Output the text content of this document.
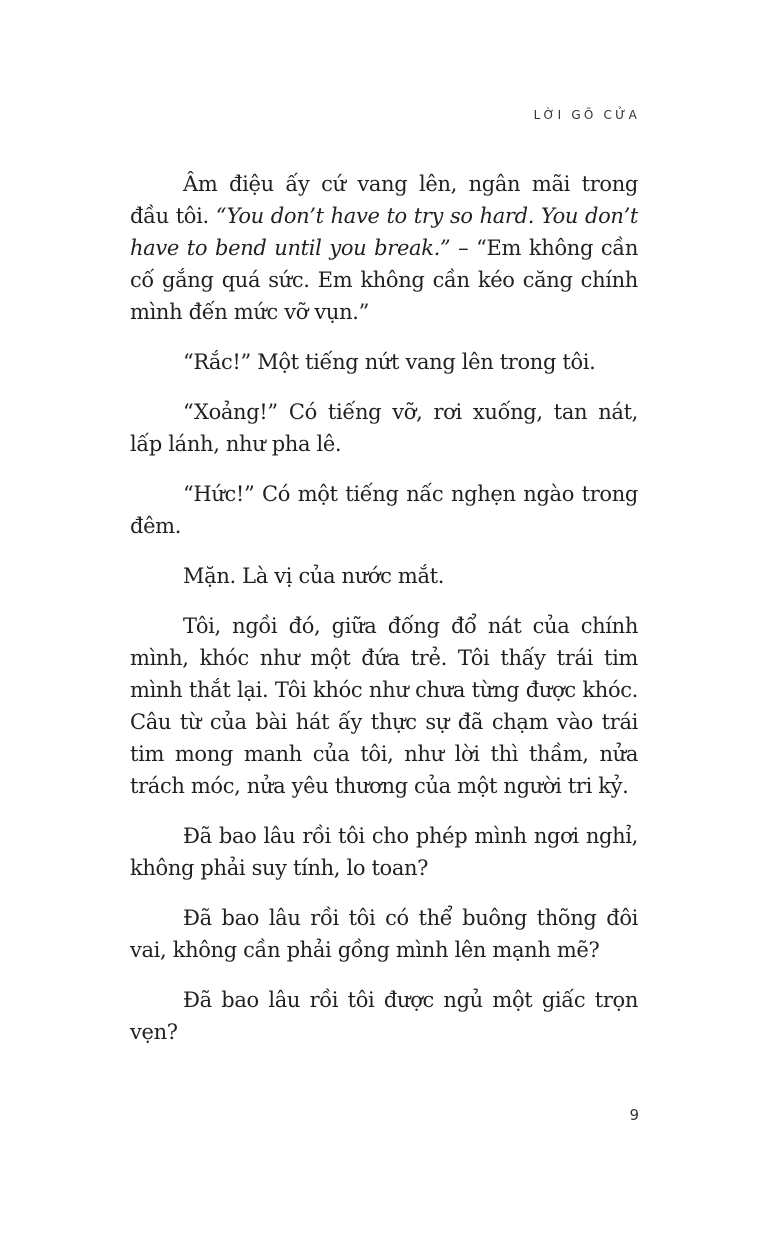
LỜI GÕ CỬA

Âm điệu ấy cứ vang lên, ngân mãi trong đầu tôi. “You don’t have to try so hard. You don’t have to bend until you break.” – “Em không cần cố gắng quá sức. Em không cần kéo căng chính mình đến mức vỡ vụn.”

“Rắc!” Một tiếng nứt vang lên trong tôi.

“Xoảng!” Có tiếng vỡ, rơi xuống, tan nát, lấp lánh, như pha lê.

“Hức!” Có một tiếng nấc nghẹn ngào trong đêm.

Mặn. Là vị của nước mắt.

Tôi, ngồi đó, giữa đống đổ nát của chính mình, khóc như một đứa trẻ. Tôi thấy trái tim mình thắt lại. Tôi khóc như chưa từng được khóc. Câu từ của bài hát ấy thực sự đã chạm vào trái tim mong manh của tôi, như lời thì thầm, nửa trách móc, nửa yêu thương của một người tri kỷ.

Đã bao lâu rồi tôi cho phép mình ngơi nghỉ, không phải suy tính, lo toan?

Đã bao lâu rồi tôi có thể buông thõng đôi vai, không cần phải gồng mình lên mạnh mẽ?

Đã bao lâu rồi tôi được ngủ một giấc trọn vẹn?

9
